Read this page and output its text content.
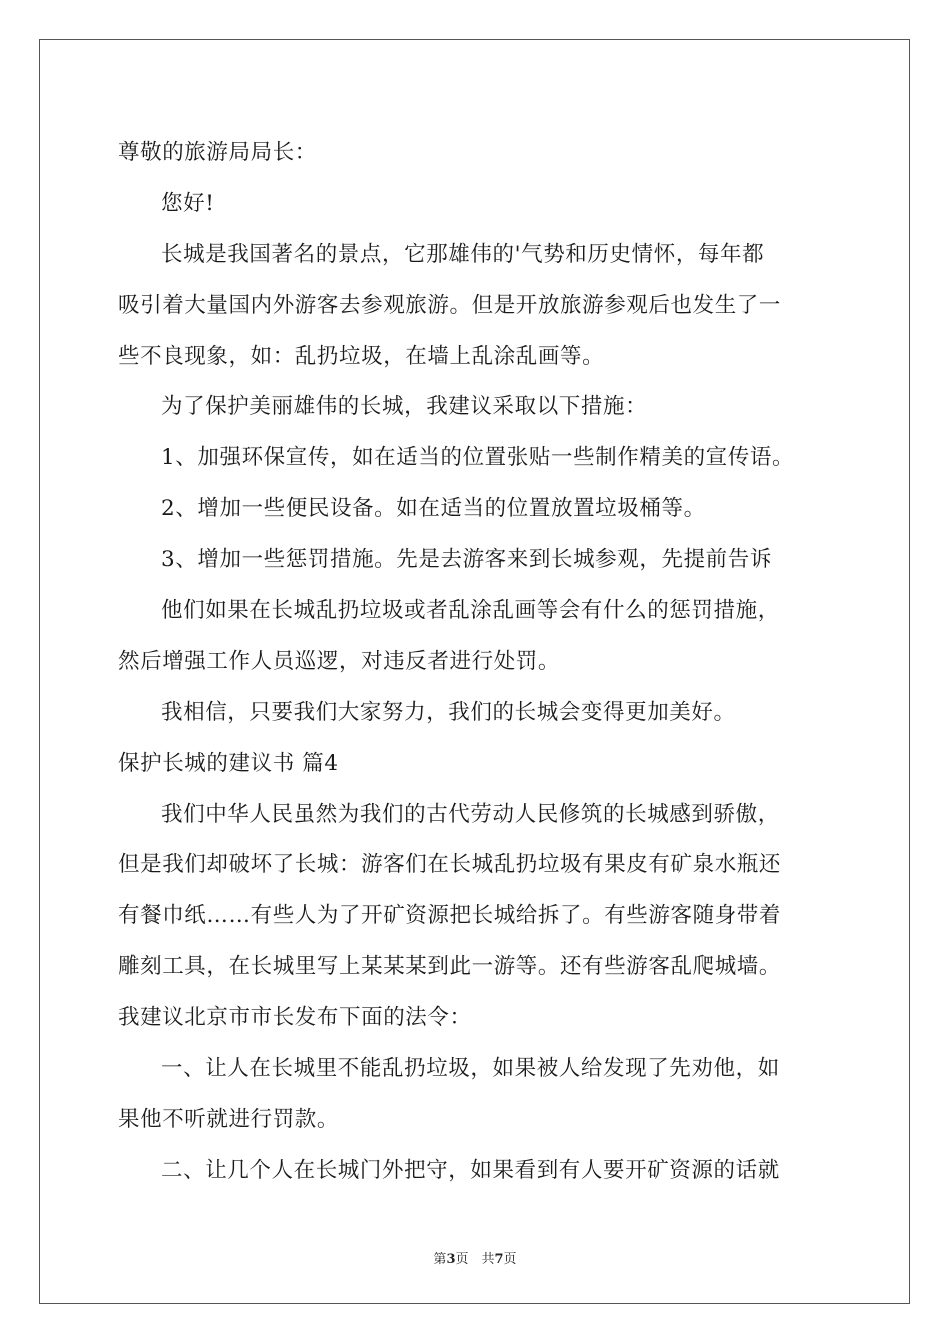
尊敬的旅游局局长：
您好!
长城是我国著名的景点，它那雄伟的'气势和历史情怀，每年都
吸引着大量国内外游客去参观旅游。但是开放旅游参观后也发生了一
些不良现象，如：乱扔垃圾，在墙上乱涂乱画等。
为了保护美丽雄伟的长城，我建议采取以下措施：
1、加强环保宣传，如在适当的位置张贴一些制作精美的宣传语。
2、增加一些便民设备。如在适当的位置放置垃圾桶等。
3、增加一些惩罚措施。先是去游客来到长城参观，先提前告诉
他们如果在长城乱扔垃圾或者乱涂乱画等会有什么的惩罚措施，
然后增强工作人员巡逻，对违反者进行处罚。
我相信，只要我们大家努力，我们的长城会变得更加美好。
保护长城的建议书 篇4
我们中华人民虽然为我们的古代劳动人民修筑的长城感到骄傲，
但是我们却破坏了长城：游客们在长城乱扔垃圾有果皮有矿泉水瓶还
有餐巾纸……有些人为了开矿资源把长城给拆了。有些游客随身带着
雕刻工具，在长城里写上某某某到此一游等。还有些游客乱爬城墙。
我建议北京市市长发布下面的法令：
一、让人在长城里不能乱扔垃圾，如果被人给发现了先劝他，如
果他不听就进行罚款。
二、让几个人在长城门外把守，如果看到有人要开矿资源的话就
第3页　共7页
